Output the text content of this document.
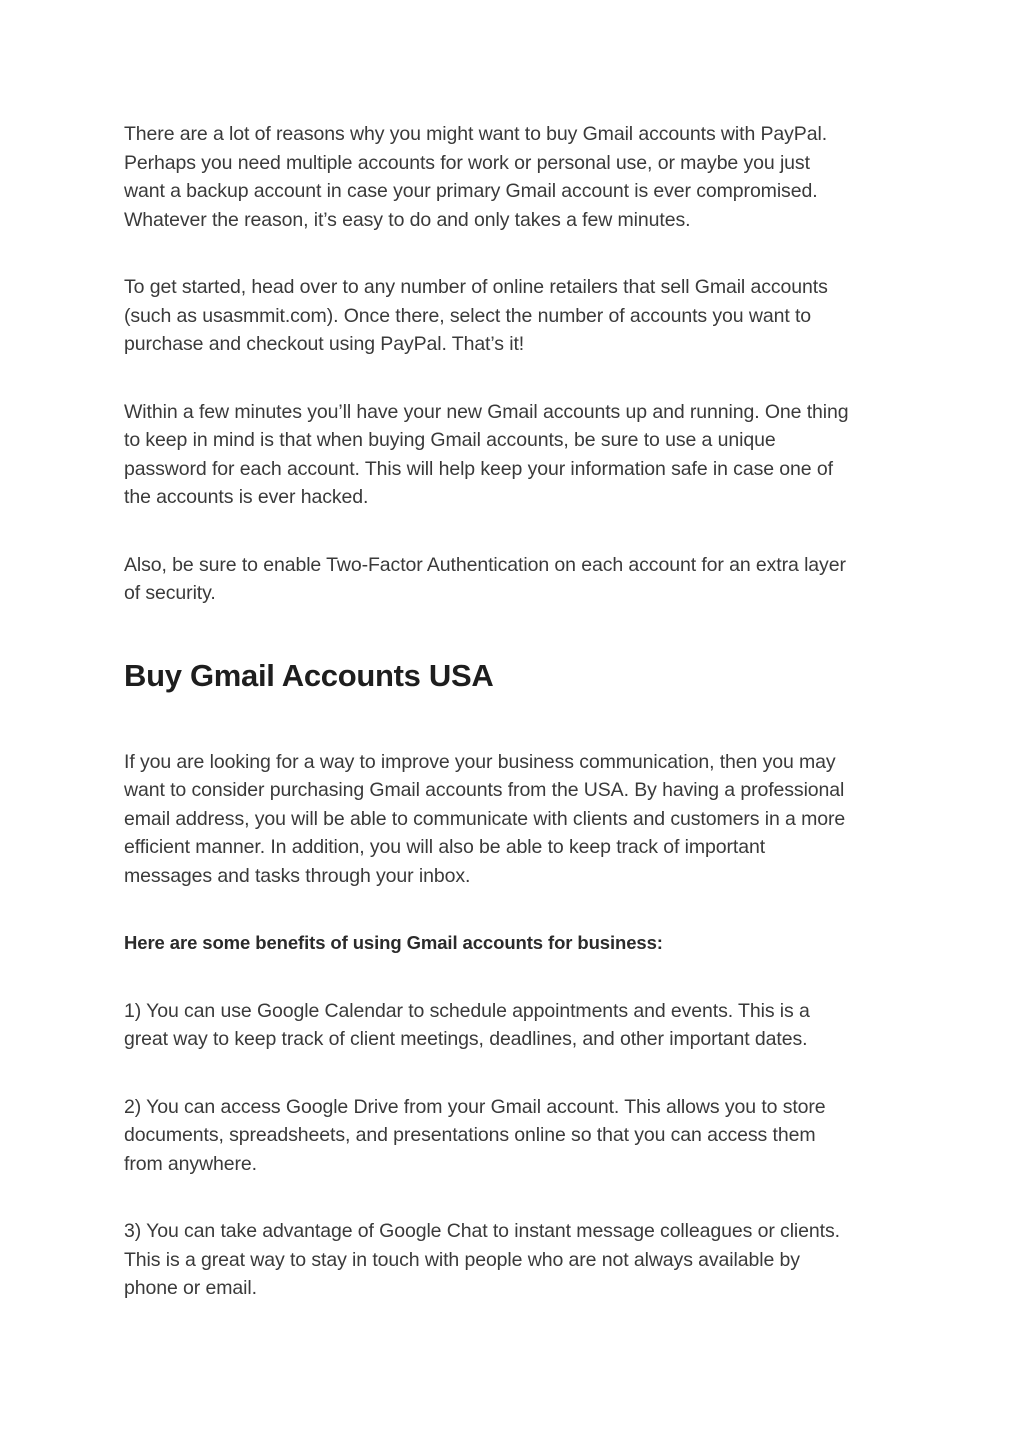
There are a lot of reasons why you might want to buy Gmail accounts with PayPal.
Perhaps you need multiple accounts for work or personal use, or maybe you just
want a backup account in case your primary Gmail account is ever compromised.
Whatever the reason, it’s easy to do and only takes a few minutes.
To get started, head over to any number of online retailers that sell Gmail accounts
(such as usasmmit.com). Once there, select the number of accounts you want to
purchase and checkout using PayPal. That’s it!
Within a few minutes you’ll have your new Gmail accounts up and running. One thing
to keep in mind is that when buying Gmail accounts, be sure to use a unique
password for each account. This will help keep your information safe in case one of
the accounts is ever hacked.
Also, be sure to enable Two-Factor Authentication on each account for an extra layer
of security.
Buy Gmail Accounts USA
If you are looking for a way to improve your business communication, then you may
want to consider purchasing Gmail accounts from the USA. By having a professional
email address, you will be able to communicate with clients and customers in a more
efficient manner. In addition, you will also be able to keep track of important
messages and tasks through your inbox.
Here are some benefits of using Gmail accounts for business:
1) You can use Google Calendar to schedule appointments and events. This is a
great way to keep track of client meetings, deadlines, and other important dates.
2) You can access Google Drive from your Gmail account. This allows you to store
documents, spreadsheets, and presentations online so that you can access them
from anywhere.
3) You can take advantage of Google Chat to instant message colleagues or clients.
This is a great way to stay in touch with people who are not always available by
phone or email.
